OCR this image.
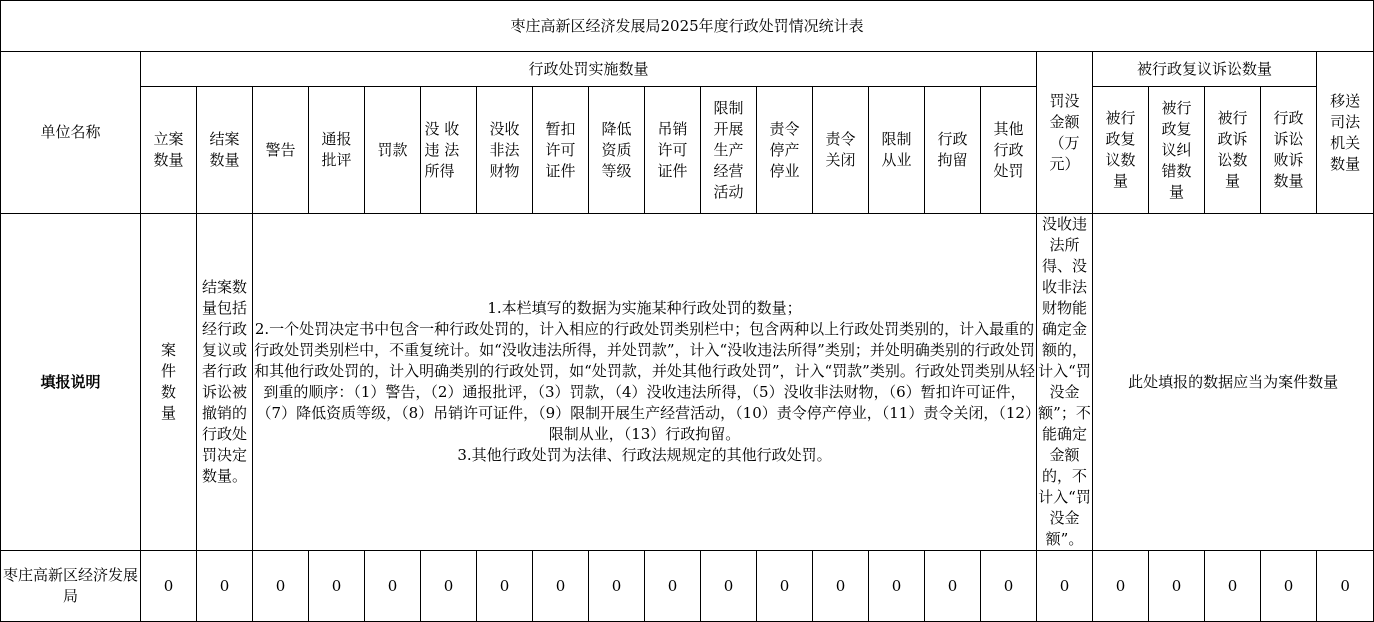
枣庄高新区经济发展局2025年度行政处罚情况统计表																						
单位名称	行政处罚实施数量																罚没金额（万元）	被行政复议诉讼数量				移送司法机关数量
	立案数量	结案数量	警告	通报批评	罚款	没 收违 法所得	没收非法财物	暂扣许可证件	降低资质等级	吊销许可证件	限制开展生产经营活动	责令停产停业	责令关闭	限制从业	行政拘留	其他行政处罚		被行政复议数量	被行政复议纠错数量	被行政诉讼数量	行政诉讼败诉数量	
填报说明	案件数量	结案数量包括经行政复议或者行政诉讼被撤销的行政处罚决定数量。	1.本栏填写的数据为实施某种行政处罚的数量；
2.一个处罚决定书中包含一种行政处罚的，计入相应的行政处罚类别栏中；包含两种以上行政处罚类别的，计入最重的行政处罚类别栏中，不重复统计。如“没收违法所得，并处罚款”，计入“没收违法所得”类别；并处明确类别的行政处罚和其他行政处罚的，计入明确类别的行政处罚，如“处罚款，并处其他行政处罚”，计入“罚款”类别。行政处罚类别从轻到重的顺序：（1）警告，（2）通报批评，（3）罚款，（4）没收违法所得，（5）没收非法财物，（6）暂扣许可证件，（7）降低资质等级，（8）吊销许可证件，（9）限制开展生产经营活动，（10）责令停产停业，（11）责令关闭，（12）限制从业，（13）行政拘留。
3.其他行政处罚为法律、行政法规规定的其他行政处罚。														没收违法所得、没收非法财物能确定金额的，计入“罚没金额”；不能确定金额的，不计入“罚没金额”。	此处填报的数据应当为案件数量				
枣庄高新区经济发展局	0	0	0	0	0	0	0	0	0	0	0	0	0	0	0	0	0	0	0	0	0	0
